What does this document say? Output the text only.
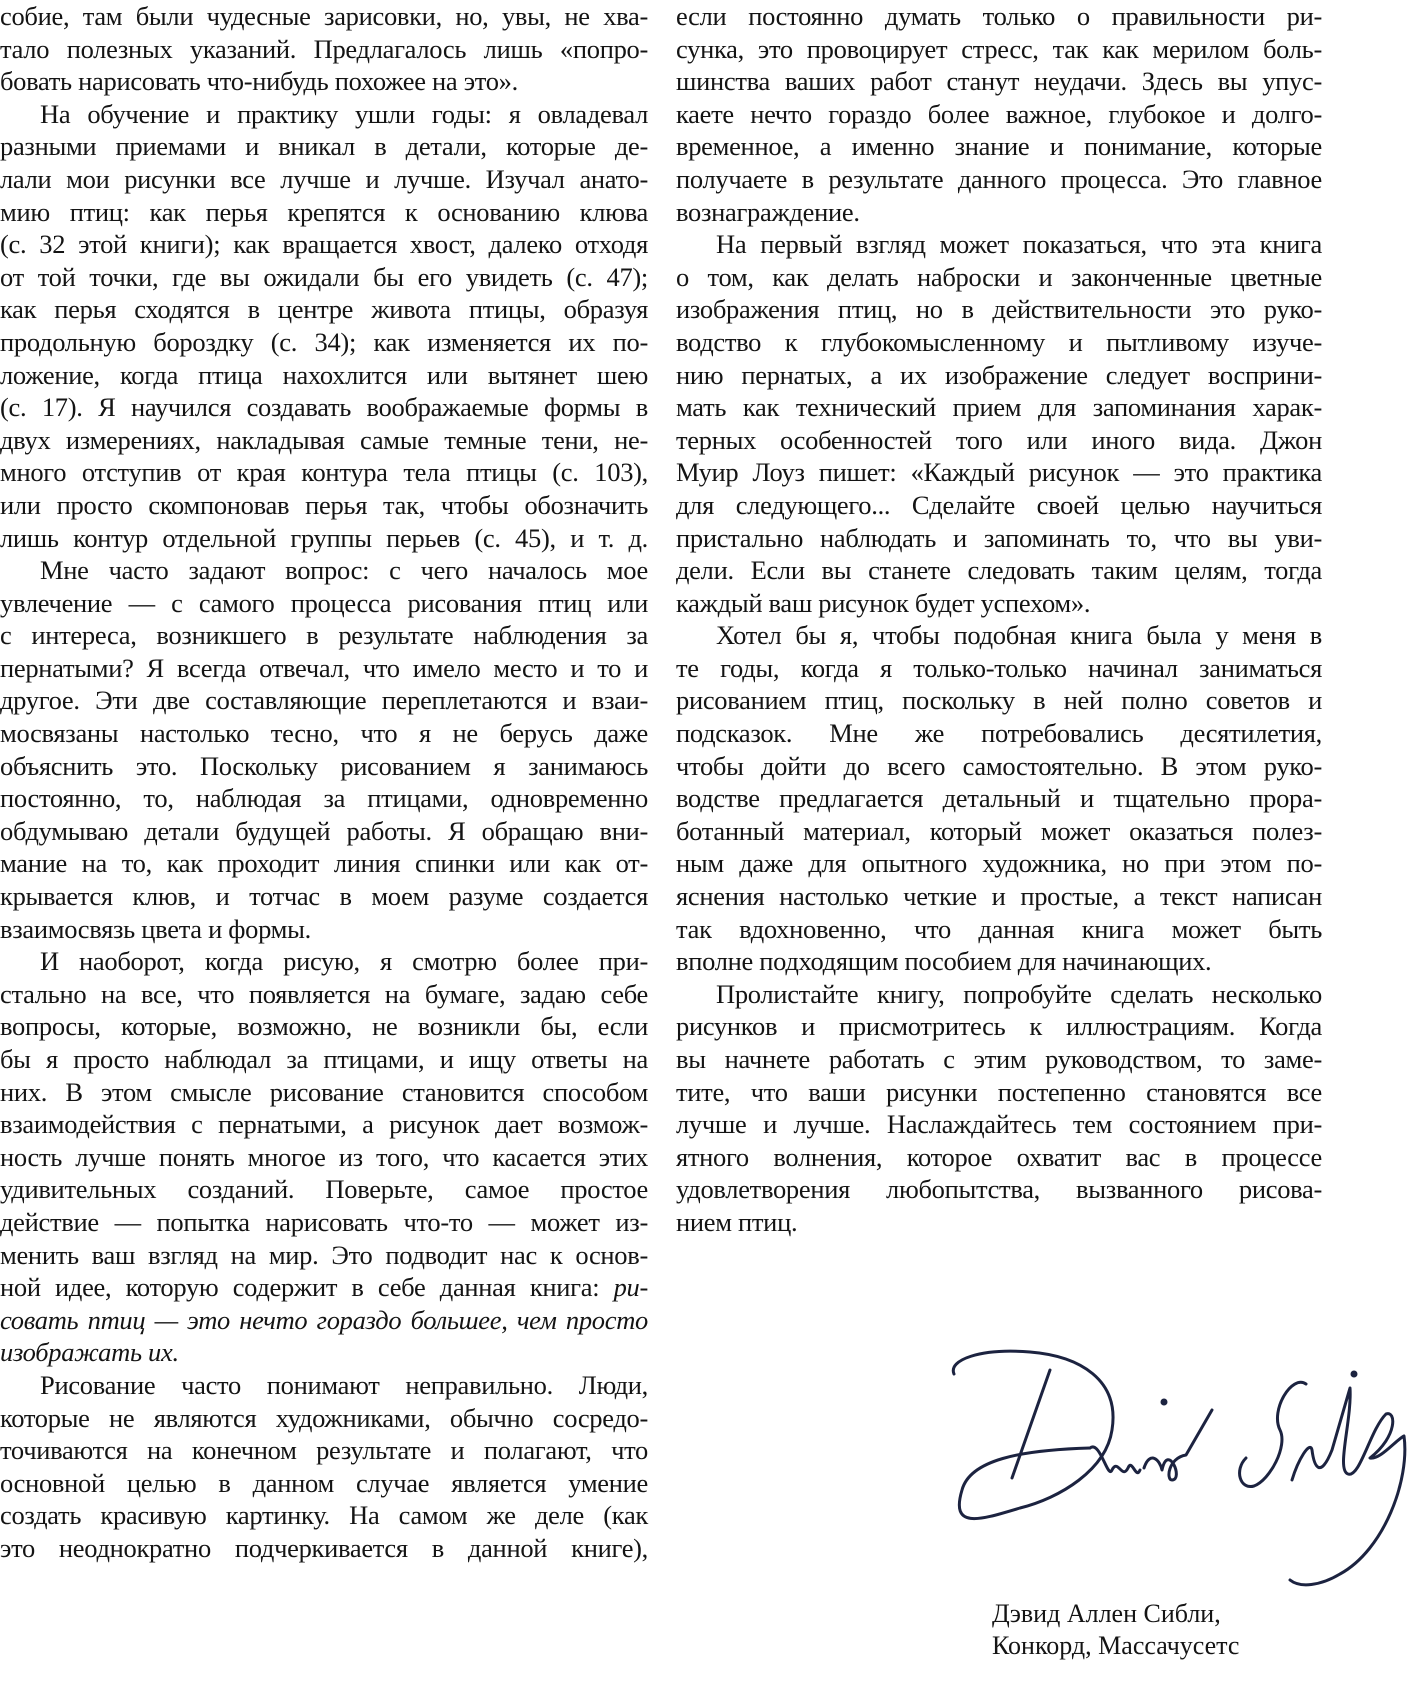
собие, там были чудесные зарисовки, но, увы, не хва-
тало полезных указаний. Предлагалось лишь «попро-
бовать нарисовать что-нибудь похожее на это».
На обучение и практику ушли годы: я овладевал
разными приемами и вникал в детали, которые де-
лали мои рисунки все лучше и лучше. Изучал анато-
мию птиц: как перья крепятся к основанию клюва
(с. 32 этой книги); как вращается хвост, далеко отходя
от той точки, где вы ожидали бы его увидеть (с. 47);
как перья сходятся в центре живота птицы, образуя
продольную бороздку (с. 34); как изменяется их по-
ложение, когда птица нахохлится или вытянет шею
(с. 17). Я научился создавать воображаемые формы в
двух измерениях, накладывая самые темные тени, не-
много отступив от края контура тела птицы (с. 103),
или просто скомпоновав перья так, чтобы обозначить
лишь контур отдельной группы перьев (с. 45), и т. д.
Мне часто задают вопрос: с чего началось мое
увлечение — с самого процесса рисования птиц или
с интереса, возникшего в результате наблюдения за
пернатыми? Я всегда отвечал, что имело место и то и
другое. Эти две составляющие переплетаются и взаи-
мосвязаны настолько тесно, что я не берусь даже
объяснить это. Поскольку рисованием я занимаюсь
постоянно, то, наблюдая за птицами, одновременно
обдумываю детали будущей работы. Я обращаю вни-
мание на то, как проходит линия спинки или как от-
крывается клюв, и тотчас в моем разуме создается
взаимосвязь цвета и формы.
И наоборот, когда рисую, я смотрю более при-
стально на все, что появляется на бумаге, задаю себе
вопросы, которые, возможно, не возникли бы, если
бы я просто наблюдал за птицами, и ищу ответы на
них. В этом смысле рисование становится способом
взаимодействия с пернатыми, а рисунок дает возмож-
ность лучше понять многое из того, что касается этих
удивительных созданий. Поверьте, самое простое
действие — попытка нарисовать что-то — может из-
менить ваш взгляд на мир. Это подводит нас к основ-
ной идее, которую содержит в себе данная книга: ри-
совать птиц — это нечто гораздо большее, чем просто
изображать их.
Рисование часто понимают неправильно. Люди,
которые не являются художниками, обычно сосредо-
точиваются на конечном результате и полагают, что
основной целью в данном случае является умение
создать красивую картинку. На самом же деле (как
это неоднократно подчеркивается в данной книге),
если постоянно думать только о правильности ри-
сунка, это провоцирует стресс, так как мерилом боль-
шинства ваших работ станут неудачи. Здесь вы упус-
каете нечто гораздо более важное, глубокое и долго-
временное, а именно знание и понимание, которые
получаете в результате данного процесса. Это главное
вознаграждение.
На первый взгляд может показаться, что эта книга
о том, как делать наброски и законченные цветные
изображения птиц, но в действительности это руко-
водство к глубокомысленному и пытливому изуче-
нию пернатых, а их изображение следует восприни-
мать как технический прием для запоминания харак-
терных особенностей того или иного вида. Джон
Муир Лоуз пишет: «Каждый рисунок — это практика
для следующего... Сделайте своей целью научиться
пристально наблюдать и запоминать то, что вы уви-
дели. Если вы станете следовать таким целям, тогда
каждый ваш рисунок будет успехом».
Хотел бы я, чтобы подобная книга была у меня в
те годы, когда я только-только начинал заниматься
рисованием птиц, поскольку в ней полно советов и
подсказок. Мне же потребовались десятилетия,
чтобы дойти до всего самостоятельно. В этом руко-
водстве предлагается детальный и тщательно прора-
ботанный материал, который может оказаться полез-
ным даже для опытного художника, но при этом по-
яснения настолько четкие и простые, а текст написан
так вдохновенно, что данная книга может быть
вполне подходящим пособием для начинающих.
Пролистайте книгу, попробуйте сделать несколько
рисунков и присмотритесь к иллюстрациям. Когда
вы начнете работать с этим руководством, то заме-
тите, что ваши рисунки постепенно становятся все
лучше и лучше. Наслаждайтесь тем состоянием при-
ятного волнения, которое охватит вас в процессе
удовлетворения любопытства, вызванного рисова-
нием птиц.
Дэвид Аллен Сибли,
Конкорд, Массачусетс
